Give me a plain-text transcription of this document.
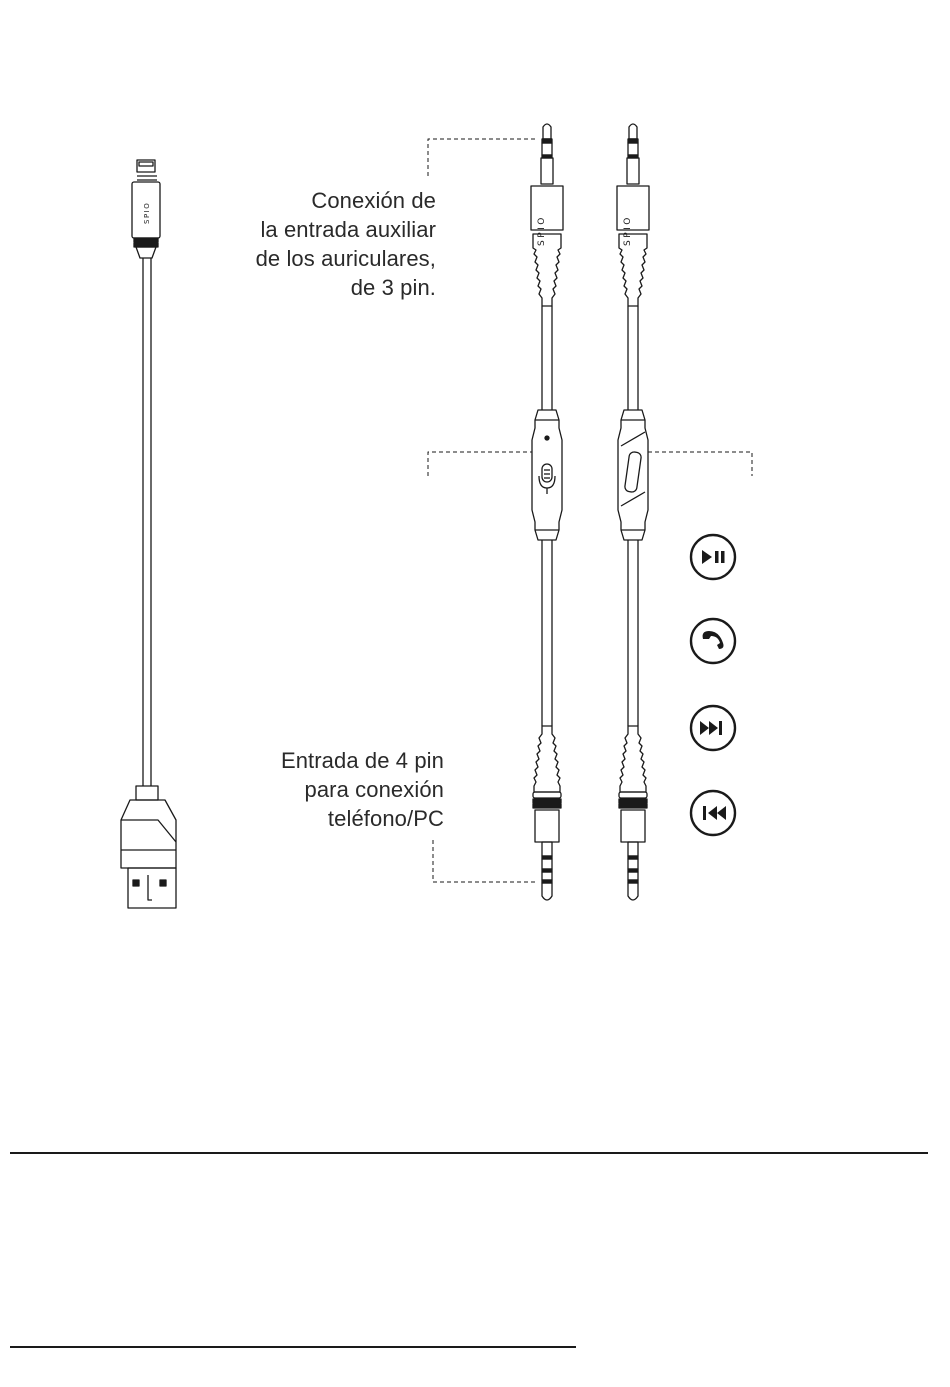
SPIO
SPIO	SPIO
Conexión de
la entrada auxiliar
de los auriculares,
de 3 pin.
Entrada de 4 pin
para conexión
teléfono/PC
